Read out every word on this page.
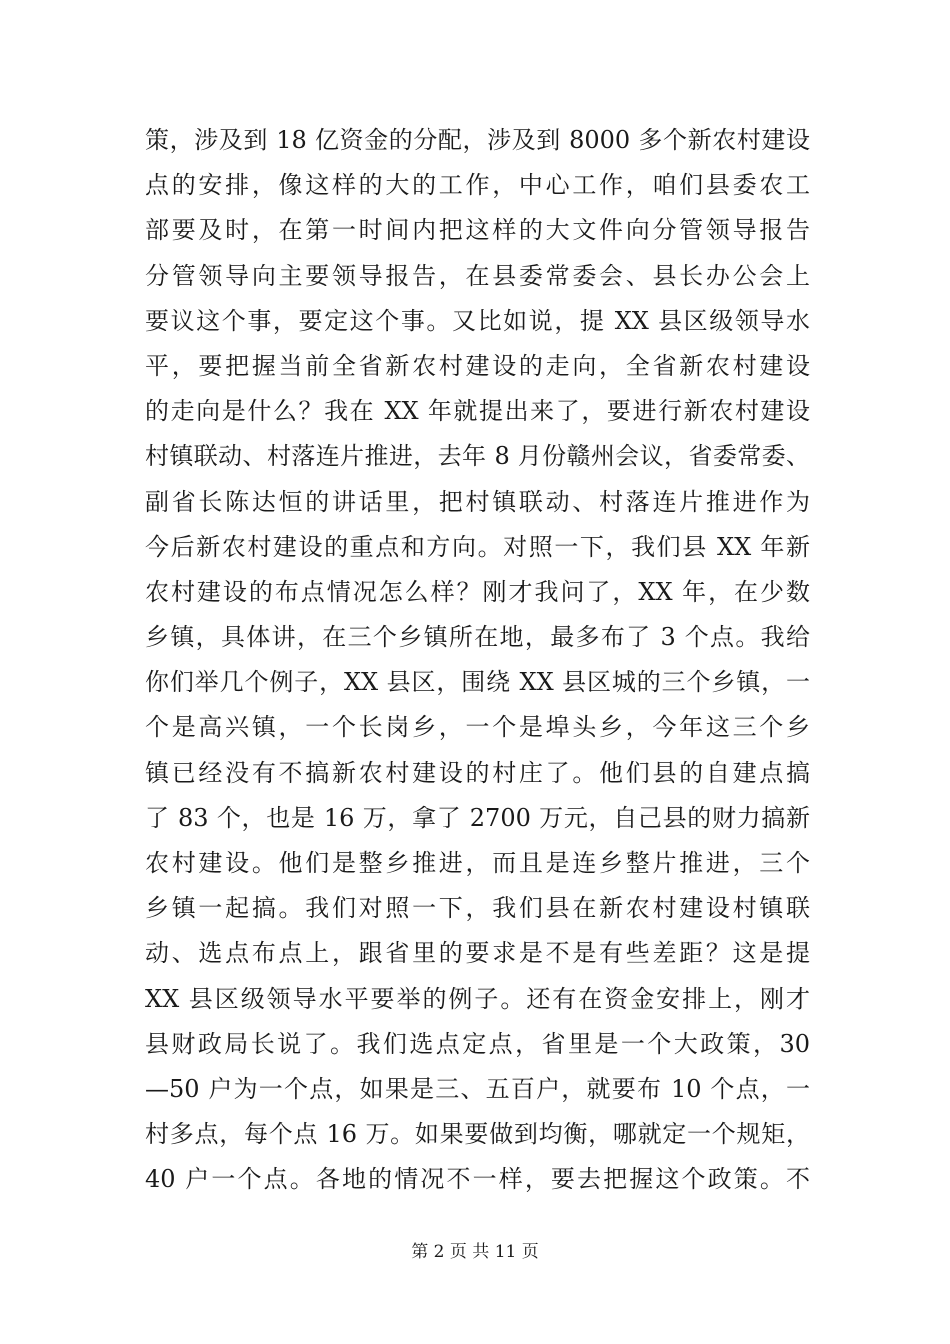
策，涉及到 18 亿资金的分配，涉及到 8000 多个新农村建设
点的安排，像这样的大的工作，中心工作，咱们县委农工
部要及时，在第一时间内把这样的大文件向分管领导报告
分管领导向主要领导报告，在县委常委会、县长办公会上
要议这个事，要定这个事。又比如说，提 XX 县区级领导水
平，要把握当前全省新农村建设的走向，全省新农村建设
的走向是什么？我在 XX 年就提出来了，要进行新农村建设
村镇联动、村落连片推进，去年 8 月份赣州会议，省委常委、
副省长陈达恒的讲话里，把村镇联动、村落连片推进作为
今后新农村建设的重点和方向。对照一下，我们县 XX 年新
农村建设的布点情况怎么样？刚才我问了，XX 年，在少数
乡镇，具体讲，在三个乡镇所在地，最多布了 3 个点。我给
你们举几个例子，XX 县区，围绕 XX 县区城的三个乡镇，一
个是高兴镇，一个长岗乡，一个是埠头乡，今年这三个乡
镇已经没有不搞新农村建设的村庄了。他们县的自建点搞
了 83 个，也是 16 万，拿了 2700 万元，自己县的财力搞新
农村建设。他们是整乡推进，而且是连乡整片推进，三个
乡镇一起搞。我们对照一下，我们县在新农村建设村镇联
动、选点布点上，跟省里的要求是不是有些差距？这是提
XX 县区级领导水平要举的例子。还有在资金安排上，刚才
县财政局长说了。我们选点定点，省里是一个大政策，30
—50 户为一个点，如果是三、五百户，就要布 10 个点，一
村多点，每个点 16 万。如果要做到均衡，哪就定一个规矩，
40 户一个点。各地的情况不一样，要去把握这个政策。不
第 2 页 共 11 页
